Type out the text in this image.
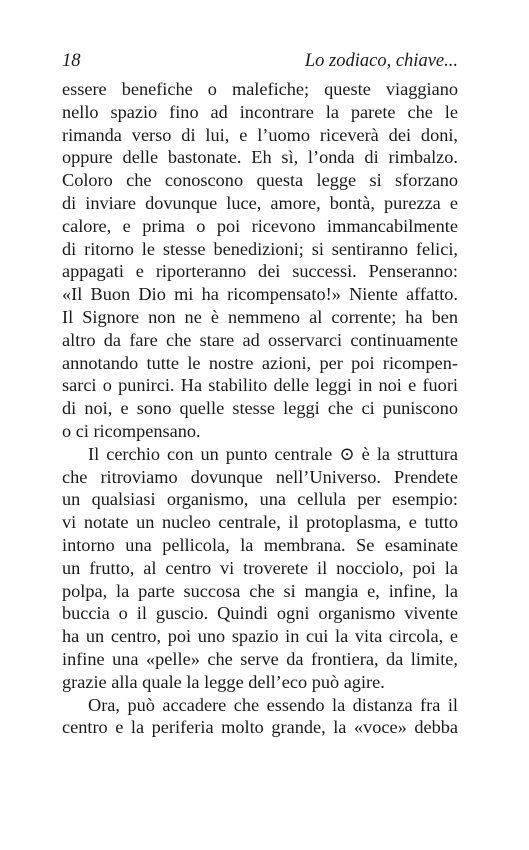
18	Lo zodiaco, chiave...
essere benefiche o malefiche; queste viaggiano
nello spazio fino ad incontrare la parete che le
rimanda verso di lui, e l’uomo riceverà dei doni,
oppure delle bastonate. Eh sì, l’onda di rimbalzo.
Coloro che conoscono questa legge si sforzano
di inviare dovunque luce, amore, bontà, purezza e
calore, e prima o poi ricevono immancabilmente
di ritorno le stesse benedizioni; si sentiranno felici,
appagati e riporteranno dei successi. Penseranno:
«Il Buon Dio mi ha ricompensato!» Niente affatto.
Il Signore non ne è nemmeno al corrente; ha ben
altro da fare che stare ad osservarci continuamente
annotando tutte le nostre azioni, per poi ricompen-
sarci o punirci. Ha stabilito delle leggi in noi e fuori
di noi, e sono quelle stesse leggi che ci puniscono
o ci ricompensano.
Il cerchio con un punto centrale ⊙ è la struttura
che ritroviamo dovunque nell’Universo. Prendete
un qualsiasi organismo, una cellula per esempio:
vi notate un nucleo centrale, il protoplasma, e tutto
intorno una pellicola, la membrana. Se esaminate
un frutto, al centro vi troverete il nocciolo, poi la
polpa, la parte succosa che si mangia e, infine, la
buccia o il guscio. Quindi ogni organismo vivente
ha un centro, poi uno spazio in cui la vita circola, e
infine una «pelle» che serve da frontiera, da limite,
grazie alla quale la legge dell’eco può agire.
Ora, può accadere che essendo la distanza fra il
centro e la periferia molto grande, la «voce» debba
